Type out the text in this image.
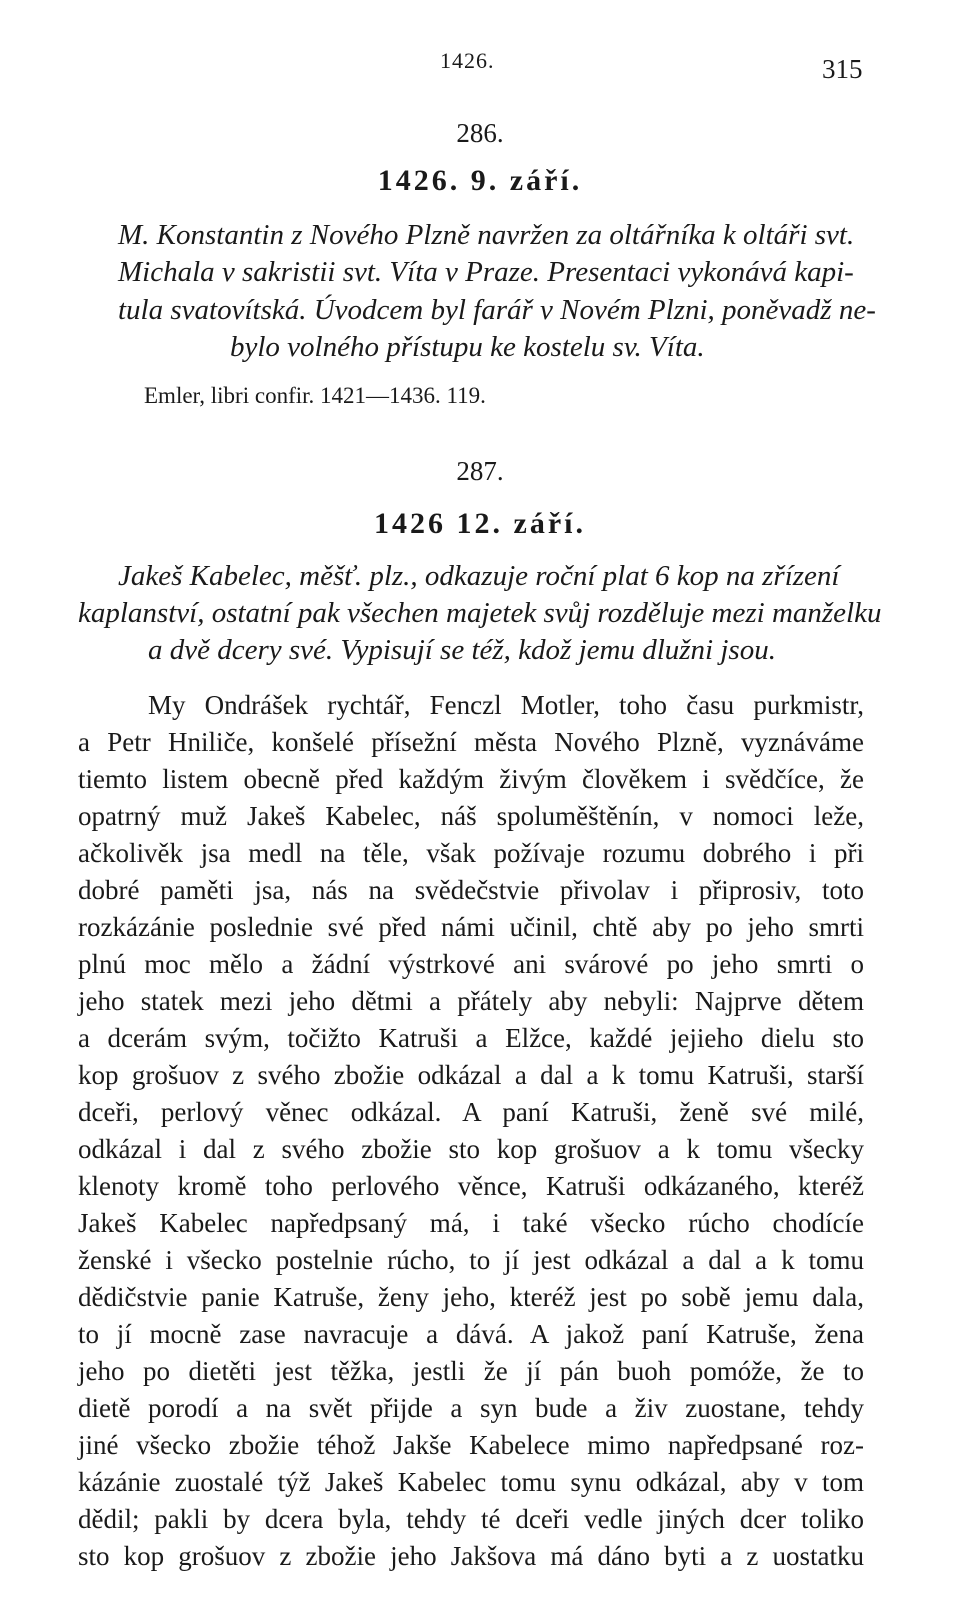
1426.	315
286.
1426. 9. září.
M. Konstantin z Nového Plzně navržen za oltářníka k oltáři svt.
Michala v sakristii svt. Víta v Praze. Presentaci vykonává kapi-
tula svatovítská. Úvodcem byl farář v Novém Plzni, poněvadž ne-
bylo volného přístupu ke kostelu sv. Víta.
Emler, libri confir. 1421—1436. 119.
287.
1426 12. září.
Jakeš Kabelec, měšť. plz., odkazuje roční plat 6 kop na zřízení
kaplanství, ostatní pak všechen majetek svůj rozděluje mezi manželku
a dvě dcery své. Vypisují se též, kdož jemu dlužni jsou.
My Ondrášek rychtář, Fenczl Motler, toho času purkmistr,
a Petr Hniliče, konšelé přísežní města Nového Plzně, vyznáváme
tiemto listem obecně před každým živým člověkem i svědčíce, že
opatrný muž Jakeš Kabelec, náš spoluměštěnín, v nomoci leže,
ačkolivěk jsa medl na těle, však požívaje rozumu dobrého i při
dobré paměti jsa, nás na svědečstvie přivolav i připrosiv, toto
rozkázánie poslednie své před námi učinil, chtě aby po jeho smrti
plnú moc mělo a žádní výstrkové ani svárové po jeho smrti o
jeho statek mezi jeho dětmi a přátely aby nebyli: Najprve dětem
a dcerám svým, točižto Katruši a Elžce, každé jejieho dielu sto
kop grošuov z svého zbožie odkázal a dal a k tomu Katruši, starší
dceři, perlový věnec odkázal. A paní Katruši, ženě své milé,
odkázal i dal z svého zbožie sto kop grošuov a k tomu všecky
klenoty kromě toho perlového věnce, Katruši odkázaného, kteréž
Jakeš Kabelec napředpsaný má, i také všecko rúcho chodícíe
ženské i všecko postelnie rúcho, to jí jest odkázal a dal a k tomu
dědičstvie panie Katruše, ženy jeho, kteréž jest po sobě jemu dala,
to jí mocně zase navracuje a dává. A jakož paní Katruše, žena
jeho po dietěti jest těžka, jestli že jí pán buoh pomóže, že to
dietě porodí a na svět přijde a syn bude a živ zuostane, tehdy
jiné všecko zbožie téhož Jakše Kabelece mimo napředpsané roz-
kázánie zuostalé týž Jakeš Kabelec tomu synu odkázal, aby v tom
dědil; pakli by dcera byla, tehdy té dceři vedle jiných dcer toliko
sto kop grošuov z zbožie jeho Jakšova má dáno byti a z uostatku
